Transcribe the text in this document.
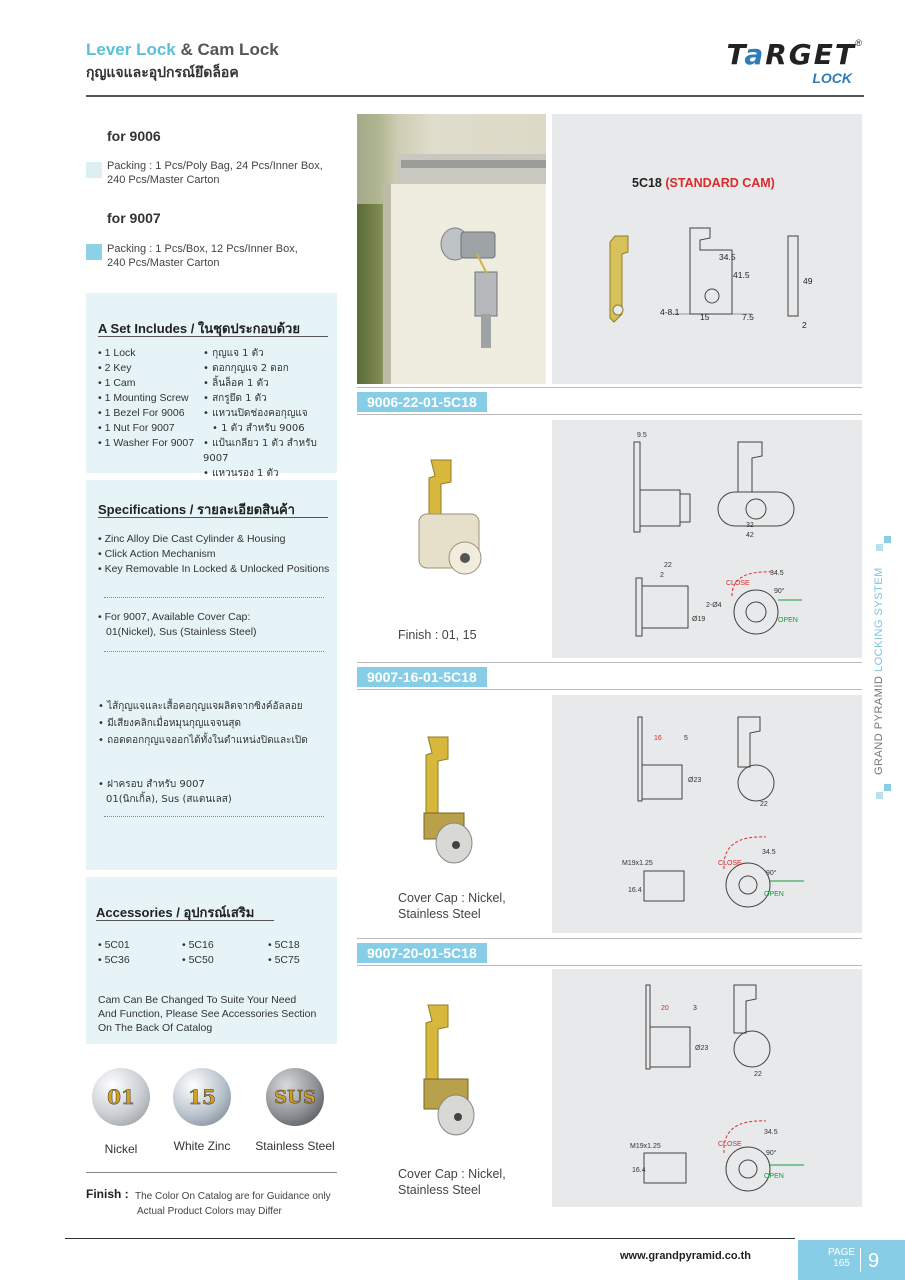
Lever Lock & Cam Lock
กุญแจและอุปกรณ์ยึดล็อค
TaRGET ®
LOCK
for 9006
Packing : 1 Pcs/Poly Bag, 24 Pcs/Inner Box,
240 Pcs/Master Carton
for 9007
Packing : 1 Pcs/Box, 12 Pcs/Inner Box,
240 Pcs/Master Carton
A Set Includes / ในชุดประกอบด้วย
• 1 Lock
• 2 Key
• 1 Cam
• 1 Mounting Screw
• 1 Bezel For 9006
• 1 Nut For 9007
• 1 Washer For 9007
• กุญแจ 1 ตัว
• ดอกกุญแจ 2 ดอก
• ลิ้นล็อค 1 ตัว
• สกรูยึด 1 ตัว
• แหวนปิดช่องคอกุญแจ
• 1 ตัว สำหรับ 9006
• แป้นเกลียว 1 ตัว สำหรับ 9007
• แหวนรอง 1 ตัว
Specifications / รายละเอียดสินค้า
• Zinc Alloy Die Cast Cylinder & Housing
• Click Action Mechanism
• Key Removable In Locked & Unlocked Positions
• For 9007, Available Cover Cap:
01(Nickel), Sus (Stainless Steel)
• ไส้กุญแจและเสื้อคอกุญแจผลิตจากซิงค์อัลลอย
• มีเสียงคลิกเมื่อหมุนกุญแจจนสุด
• ถอดดอกกุญแจออกได้ทั้งในตำแหน่งปิดและเปิด
• ฝาครอบ สำหรับ 9007
01(นิกเกิ้ล), Sus (สแตนเลส)
Accessories / อุปกรณ์เสริม
• 5C01	• 5C16	• 5C18
• 5C36	• 5C50	• 5C75
Cam Can Be Changed To Suite Your Need
And Function, Please See Accessories Section
On The Back Of Catalog
01	15	SUS
Nickel	White Zinc	Stainless Steel
Finish : The Color On Catalog are for Guidance only
Actual Product Colors may Differ
5C18 (STANDARD CAM)
34.5
41.5
49
4-8.1 15	7.5
2
9006-22-01-5C18
Finish : 01, 15
9.5
32
42
22
2	34.5
CLOSE
90°
OPEN
Ø19
2-Ø4
9007-16-01-5C18
Cover Cap : Nickel,
Stainless Steel
16	5
Ø23
22
M19x1.25
16.4
34.5
CLOSE
90°
OPEN
9007-20-01-5C18
Cover Cap : Nickel,
Stainless Steel
20	3
Ø23
22
M19x1.25
16.4
34.5
CLOSE
90°
OPEN
GRAND PYRAMID LOCKING SYSTEM
www.grandpyramid.co.th	PAGE
165 9
